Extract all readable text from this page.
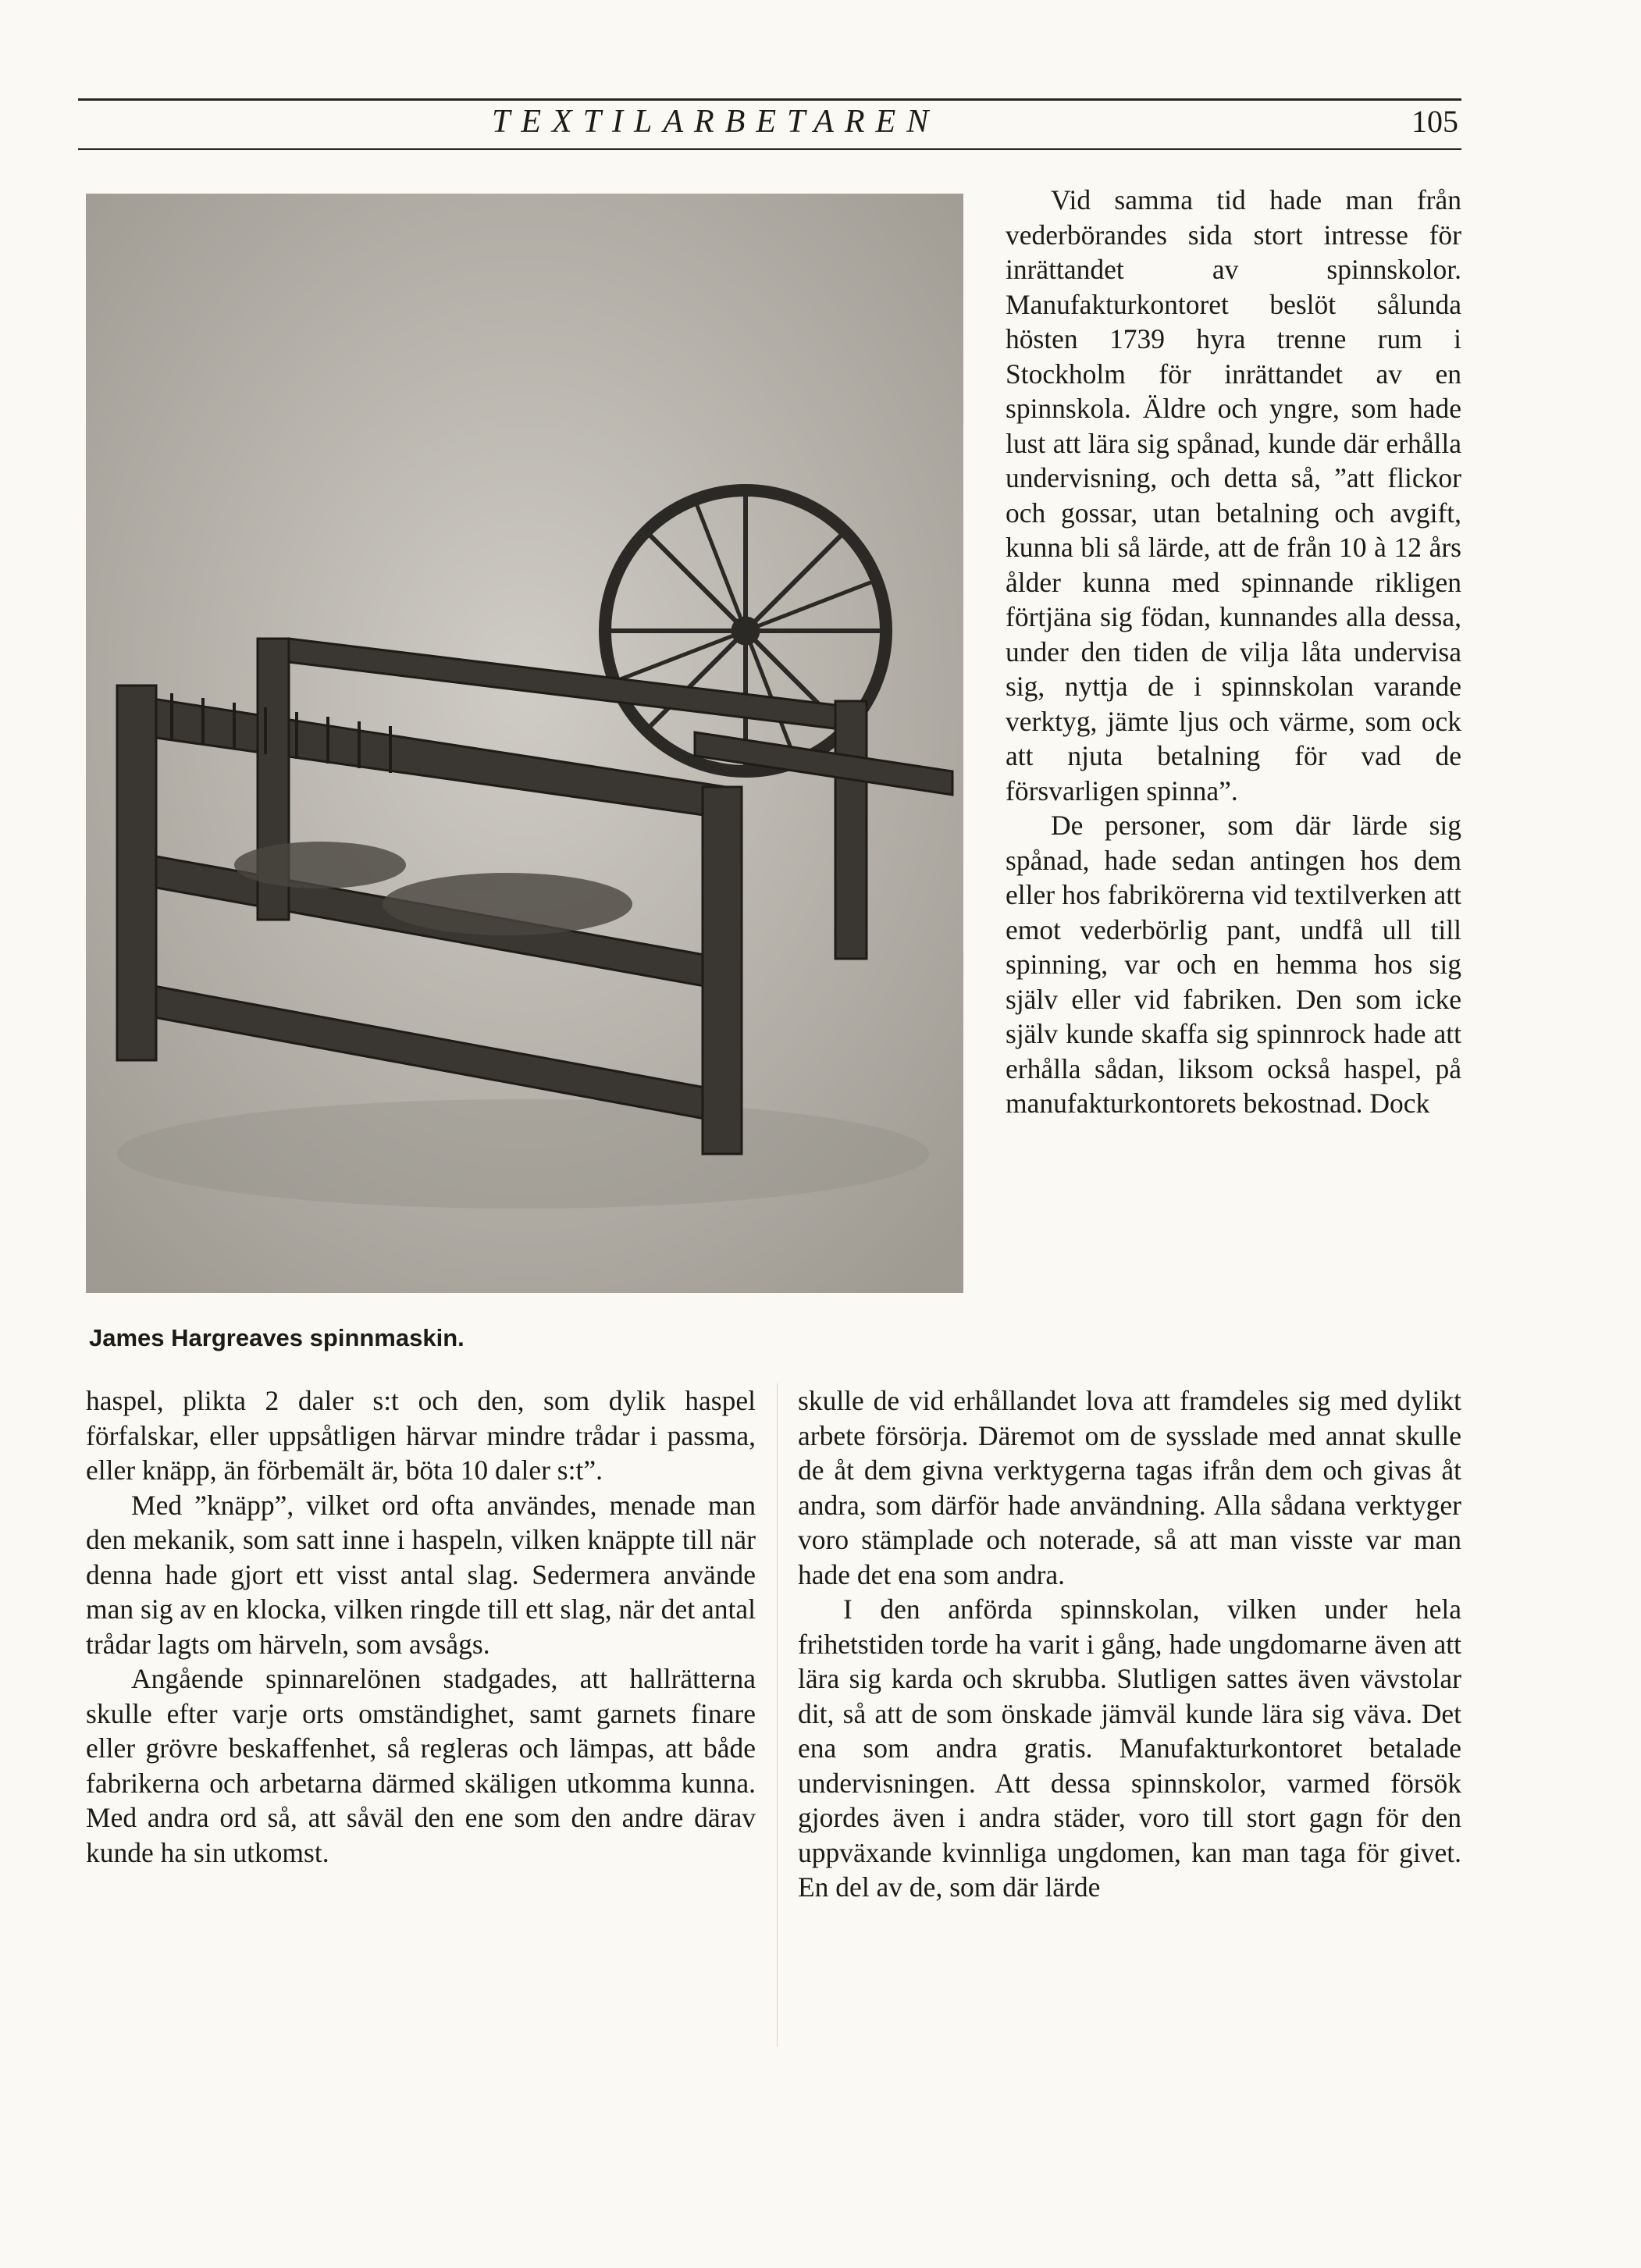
TEXTILARBETAREN	105
James Hargreaves spinnmaskin.

Vid samma tid hade man från vederbörandes sida stort intresse för inrättandet av spinnskolor. Manufakturkontoret beslöt sålunda hösten 1739 hyra trenne rum i Stockholm för inrättandet av en spinnskola. Äldre och yngre, som hade lust att lära sig spånad, kunde där erhålla undervisning, och detta så, ”att flickor och gossar, utan betalning och avgift, kunna bli så lärde, att de från 10 à 12 års ålder kunna med spinnande rikligen förtjäna sig födan, kunnandes alla dessa, under den tiden de vilja låta undervisa sig, nyttja de i spinnskolan varande verktyg, jämte ljus och värme, som ock att njuta betalning för vad de försvarligen spinna”.

De personer, som där lärde sig spånad, hade sedan antingen hos dem eller hos fabrikörerna vid textilverken att emot vederbörlig pant, undfå ull till spinning, var och en hemma hos sig själv eller vid fabriken. Den som icke själv kunde skaffa sig spinnrock hade att erhålla sådan, liksom också haspel, på manufakturkontorets bekostnad. Dock

haspel, plikta 2 daler s:t och den, som dylik haspel förfalskar, eller uppsåtligen härvar mindre trådar i passma, eller knäpp, än förbemält är, böta 10 daler s:t”.

Med ”knäpp”, vilket ord ofta användes, menade man den mekanik, som satt inne i haspeln, vilken knäppte till när denna hade gjort ett visst antal slag. Sedermera använde man sig av en klocka, vilken ringde till ett slag, när det antal trådar lagts om härveln, som avsågs.

Angående spinnarelönen stadgades, att hallrätterna skulle efter varje orts omständighet, samt garnets finare eller grövre beskaffenhet, så regleras och lämpas, att både fabrikerna och arbetarna därmed skäligen utkomma kunna. Med andra ord så, att såväl den ene som den andre därav kunde ha sin utkomst.

skulle de vid erhållandet lova att framdeles sig med dylikt arbete försörja. Däremot om de sysslade med annat skulle de åt dem givna verktygerna tagas ifrån dem och givas åt andra, som därför hade användning. Alla sådana verktyger voro stämplade och noterade, så att man visste var man hade det ena som andra.

I den anförda spinnskolan, vilken under hela frihetstiden torde ha varit i gång, hade ungdomarne även att lära sig karda och skrubba. Slutligen sattes även vävstolar dit, så att de som önskade jämväl kunde lära sig väva. Det ena som andra gratis. Manufakturkontoret betalade undervisningen. Att dessa spinnskolor, varmed försök gjordes även i andra städer, voro till stort gagn för den uppväxande kvinnliga ungdomen, kan man taga för givet. En del av de, som där lärde
